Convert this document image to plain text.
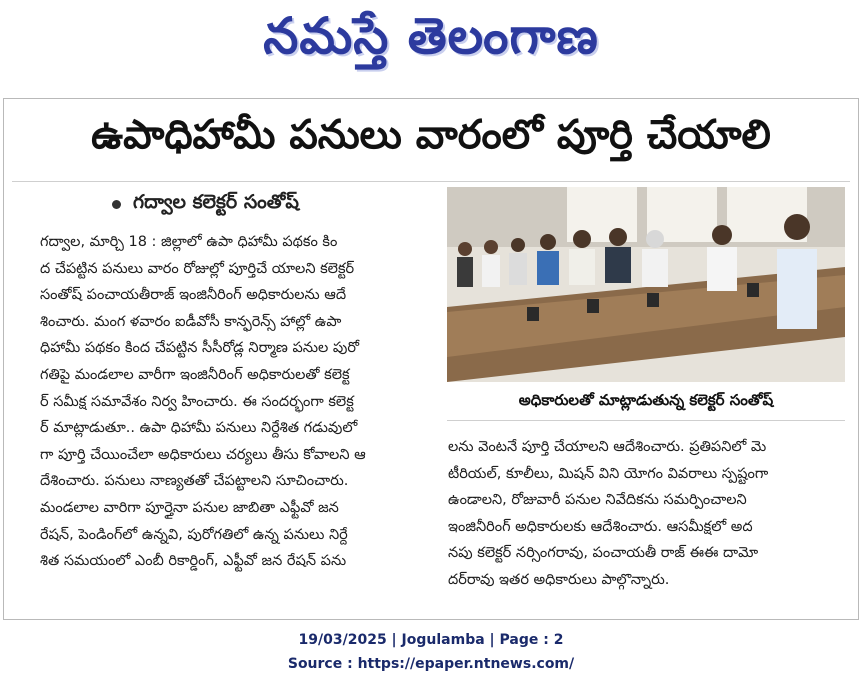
నమస్తే తెలంగాణ
ఉపాధిహామీ పనులు వారంలో పూర్తి చేయాలి
గద్వాల కలెక్టర్ సంతోష్

గద్వాల, మార్చి 18 : జిల్లాలో ఉపా ధిహామీ పథకం కిం

ద చేపట్టిన పనులు వారం రోజుల్లో పూర్తిచే యాలని కలెక్టర్

సంతోష్ పంచాయతీరాజ్ ఇంజినీరింగ్ అధికారులను ఆదే

శించారు. మంగ ళవారం ఐడీవోసీ కాన్ఫరెన్స్ హాల్లో ఉపా

ధిహామీ పథకం కింద చేపట్టిన సీసీరోడ్ల నిర్మాణ పనుల పురో

గతిపై మండలాల వారీగా ఇంజినీరింగ్ అధికారులతో కలెక్ట

ర్ సమీక్ష సమావేశం నిర్వ హించారు. ఈ సందర్భంగా కలెక్ట

ర్ మాట్లాడుతూ.. ఉపా ధిహామీ పనులు నిర్దేశిత గడువులో

గా పూర్తి చేయించేలా అధికారులు చర్యలు తీసు కోవాలని ఆ

దేశించారు. పనులు నాణ్యతతో చేపట్టాలని సూచించారు.

మండలాల వారిగా పూర్తైనా పనుల జాబితా ఎఫ్టీవో జన

రేషన్, పెండింగ్‌లో ఉన్నవి, పురోగతిలో ఉన్న పనులు నిర్దే

శిత సమయంలో ఎంబీ రికార్డింగ్, ఎఫ్టీవో జన రేషన్ పను

అధికారులతో మాట్లాడుతున్న కలెక్టర్ సంతోష్

లను వెంటనే పూర్తి చేయాలని ఆదేశించారు. ప్రతిపనిలో మె

టీరియల్, కూలీలు, మిషన్ విని యోగం వివరాలు స్పష్టంగా

ఉండాలని, రోజువారీ పనుల నివేదికను సమర్పించాలని

ఇంజినీరింగ్ అధికారులకు ఆదేశించారు. ఆసమీక్షలో అద

నపు కలెక్టర్ నర్సింగరావు, పంచాయతీ రాజ్ ఈఈ దామో

దర్‌రావు ఇతర అధికారులు పాల్గొన్నారు.

19/03/2025 | Jogulamba | Page : 2
Source : https://epaper.ntnews.com/
